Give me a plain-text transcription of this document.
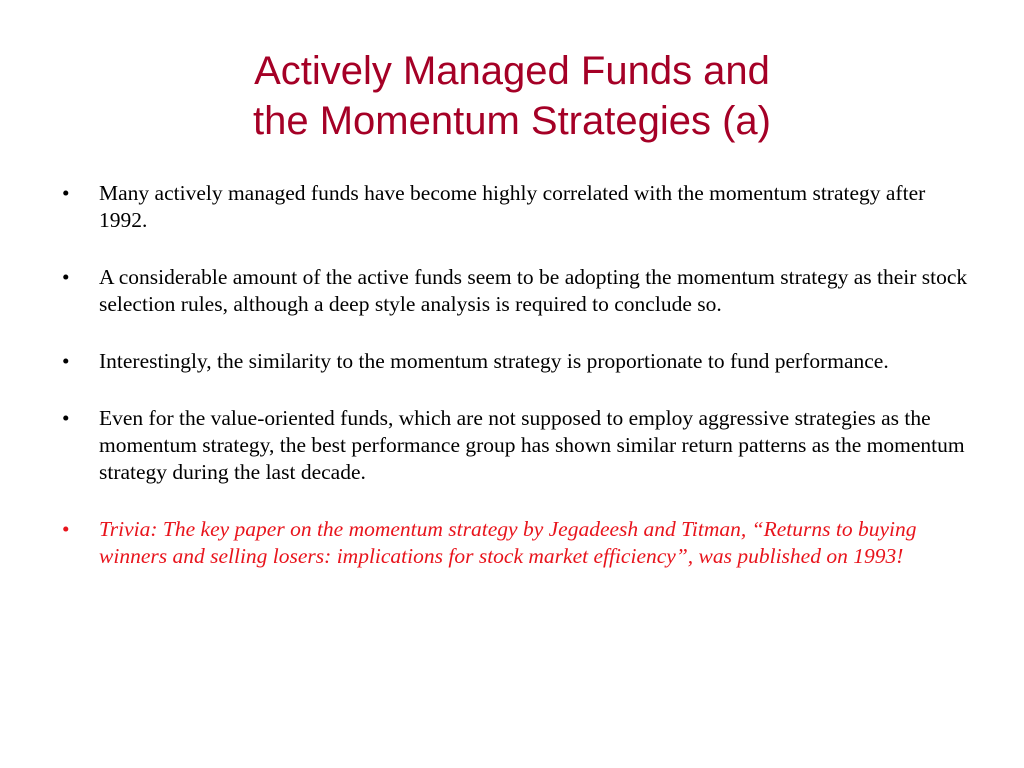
Actively Managed Funds and
the Momentum Strategies (a)
•	Many actively managed funds have become highly correlated with the momentum strategy after 1992.
•	A considerable amount of the active funds seem to be adopting the momentum strategy as their stock selection rules, although a deep style analysis is required to conclude so.
•	Interestingly, the similarity to the momentum strategy is proportionate to fund performance.
•	Even for the value-oriented funds, which are not supposed to employ aggressive strategies as the momentum strategy, the best performance group has shown similar return patterns as the momentum strategy during the last decade.
•	Trivia: The key paper on the momentum strategy by Jegadeesh and Titman, “Returns to buying winners and selling losers: implications for stock market efficiency”, was published on 1993!
